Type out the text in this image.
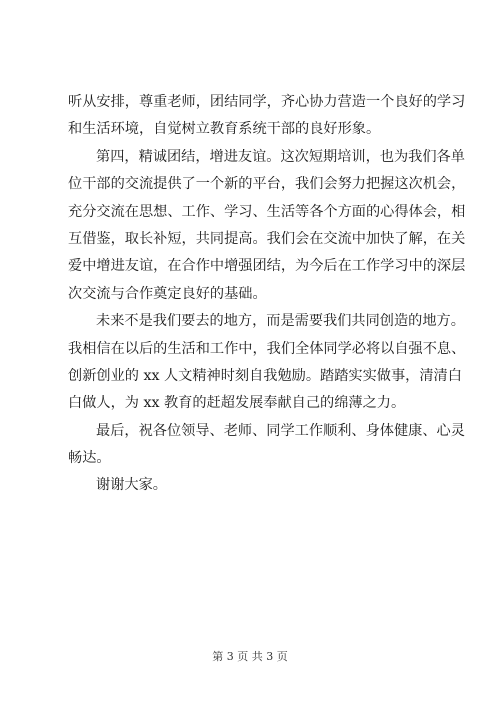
听从安排，尊重老师，团结同学，齐心协力营造一个良好的学习
和生活环境，自觉树立教育系统干部的良好形象。
第四，精诚团结，增进友谊。这次短期培训，也为我们各单
位干部的交流提供了一个新的平台，我们会努力把握这次机会，
充分交流在思想、工作、学习、生活等各个方面的心得体会，相
互借鉴，取长补短，共同提高。我们会在交流中加快了解，在关
爱中增进友谊，在合作中增强团结，为今后在工作学习中的深层
次交流与合作奠定良好的基础。
未来不是我们要去的地方，而是需要我们共同创造的地方。
我相信在以后的生活和工作中，我们全体同学必将以自强不息、
创新创业的 xx 人文精神时刻自我勉励。踏踏实实做事，清清白
白做人，为 xx 教育的赶超发展奉献自己的绵薄之力。
最后，祝各位领导、老师、同学工作顺利、身体健康、心灵
畅达。
谢谢大家。
第 3 页 共 3 页
